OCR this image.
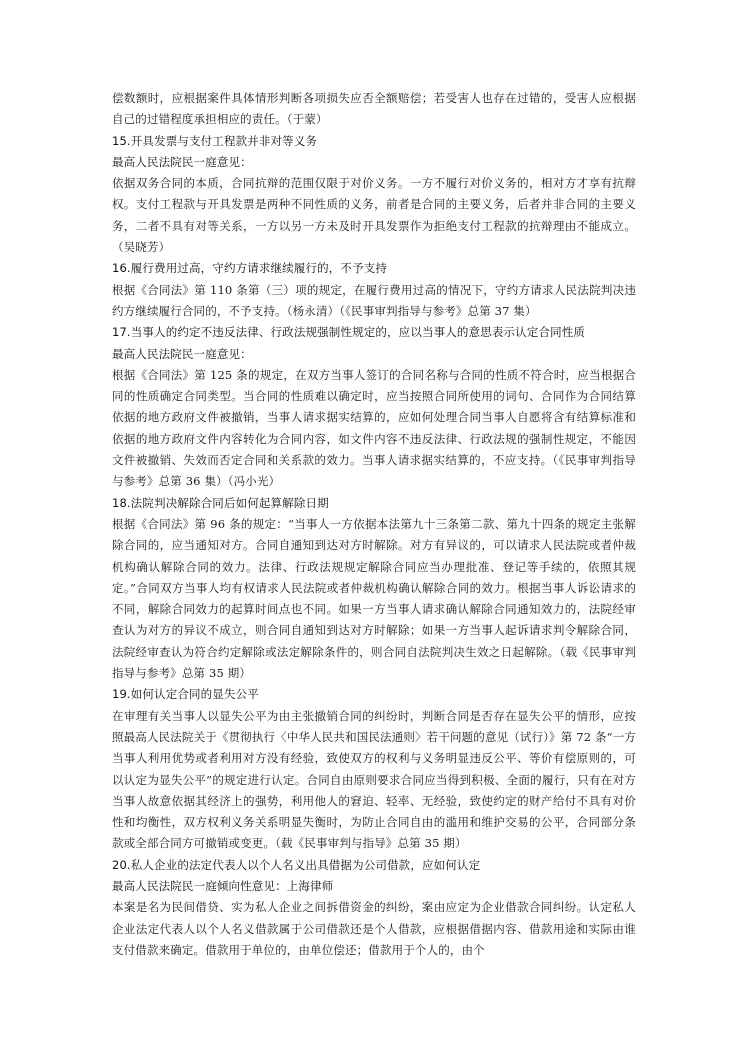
偿数额时，应根据案件具体情形判断各项损失应否全额赔偿；若受害人也存在过错的，受害人应根据自己的过错程度承担相应的责任。（于蒙）

15.开具发票与支付工程款并非对等义务

最高人民法院民一庭意见：

依据双务合同的本质，合同抗辩的范围仅限于对价义务。一方不履行对价义务的，相对方才享有抗辩权。支付工程款与开具发票是两种不同性质的义务，前者是合同的主要义务，后者并非合同的主要义务，二者不具有对等关系，一方以另一方未及时开具发票作为拒绝支付工程款的抗辩理由不能成立。（吴晓芳）

16.履行费用过高，守约方请求继续履行的，不予支持

根据《合同法》第 110 条第（三）项的规定，在履行费用过高的情况下，守约方请求人民法院判决违约方继续履行合同的，不予支持。（杨永清）（《民事审判指导与参考》总第 37 集）

17.当事人的约定不违反法律、行政法规强制性规定的，应以当事人的意思表示认定合同性质

最高人民法院民一庭意见：

根据《合同法》第 125 条的规定，在双方当事人签订的合同名称与合同的性质不符合时，应当根据合同的性质确定合同类型。当合同的性质难以确定时，应当按照合同所使用的词句、合同作为合同结算依据的地方政府文件被撤销，当事人请求据实结算的，应如何处理合同当事人自愿将含有结算标准和依据的地方政府文件内容转化为合同内容，如文件内容不违反法律、行政法规的强制性规定，不能因文件被撤销、失效而否定合同和关系款的效力。当事人请求据实结算的，不应支持。（《民事审判指导与参考》总第 36 集）（冯小光）

18.法院判决解除合同后如何起算解除日期

根据《合同法》第 96 条的规定：“当事人一方依据本法第九十三条第二款、第九十四条的规定主张解除合同的，应当通知对方。合同自通知到达对方时解除。对方有异议的，可以请求人民法院或者仲裁机构确认解除合同的效力。法律、行政法规规定解除合同应当办理批准、登记等手续的，依照其规定。”合同双方当事人均有权请求人民法院或者仲裁机构确认解除合同的效力。根据当事人诉讼请求的不同，解除合同效力的起算时间点也不同。如果一方当事人请求确认解除合同通知效力的，法院经审查认为对方的异议不成立，则合同自通知到达对方时解除；如果一方当事人起诉请求判令解除合同，法院经审查认为符合约定解除或法定解除条件的，则合同自法院判决生效之日起解除。（载《民事审判指导与参考》总第 35 期）

19.如何认定合同的显失公平

在审理有关当事人以显失公平为由主张撤销合同的纠纷时，判断合同是否存在显失公平的情形，应按照最高人民法院关于《贯彻执行〈中华人民共和国民法通则〉若干问题的意见（试行）》第 72 条“一方当事人利用优势或者利用对方没有经验，致使双方的权利与义务明显违反公平、等价有偿原则的，可以认定为显失公平”的规定进行认定。合同自由原则要求合同应当得到积极、全面的履行，只有在对方当事人故意依据其经济上的强势，利用他人的窘迫、轻率、无经验，致使约定的财产给付不具有对价性和均衡性，双方权利义务关系明显失衡时，为防止合同自由的滥用和维护交易的公平，合同部分条款或全部合同方可撤销或变更。（载《民事审判与指导》总第 35 期）

20.私人企业的法定代表人以个人名义出具借据为公司借款，应如何认定

最高人民法院民一庭倾向性意见：上海律师

本案是名为民间借贷、实为私人企业之间拆借资金的纠纷，案由应定为企业借款合同纠纷。认定私人企业法定代表人以个人名义借款属于公司借款还是个人借款，应根据借据内容、借款用途和实际由谁支付借款来确定。借款用于单位的，由单位偿还；借款用于个人的，由个
